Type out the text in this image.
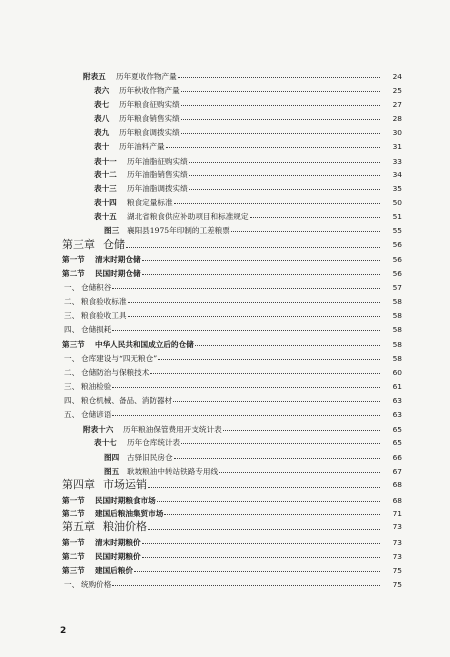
附表五 历年夏收作物产量	24
表六 历年秋收作物产量	25
表七 历年粮食征购实绩	27
表八 历年粮食销售实绩	28
表九 历年粮食调拨实绩	30
表十 历年油料产量	31
表十一 历年油脂征购实绩	33
表十二 历年油脂销售实绩	34
表十三 历年油脂调拨实绩	35
表十四 粮食定量标准	50
表十五 湖北省粮食供应补助项目和标准规定	51
图三 襄阳县1975年印制的工差粮票	55
第三章 仓储	56
第一节 清末时期仓储	56
第二节 民国时期仓储	56
一、 仓储积谷	57
二、 粮食验收标准	58
三、 粮食验收工具	58
四、 仓储损耗	58
第三节 中华人民共和国成立后的仓储	58
一、 仓库建设与“四无粮仓”	58
二、 仓储防治与保粮技术	60
三、 粮油检验	61
四、 粮仓机械、备品、消防器材	63
五、 仓储谚语	63
附表十六 历年粮油保管费用开支统计表	65
表十七 历年仓库统计表	65
图四 古驿旧民房仓	66
图五 耿坡粮油中转站铁路专用线	67
第四章 市场运销	68
第一节 民国时期粮食市场	68
第二节 建国后粮油集贸市场	71
第五章 粮油价格	73
第一节 清末时期粮价	73
第二节 民国时期粮价	73
第三节 建国后粮价	75
一、 统购价格	75
2
